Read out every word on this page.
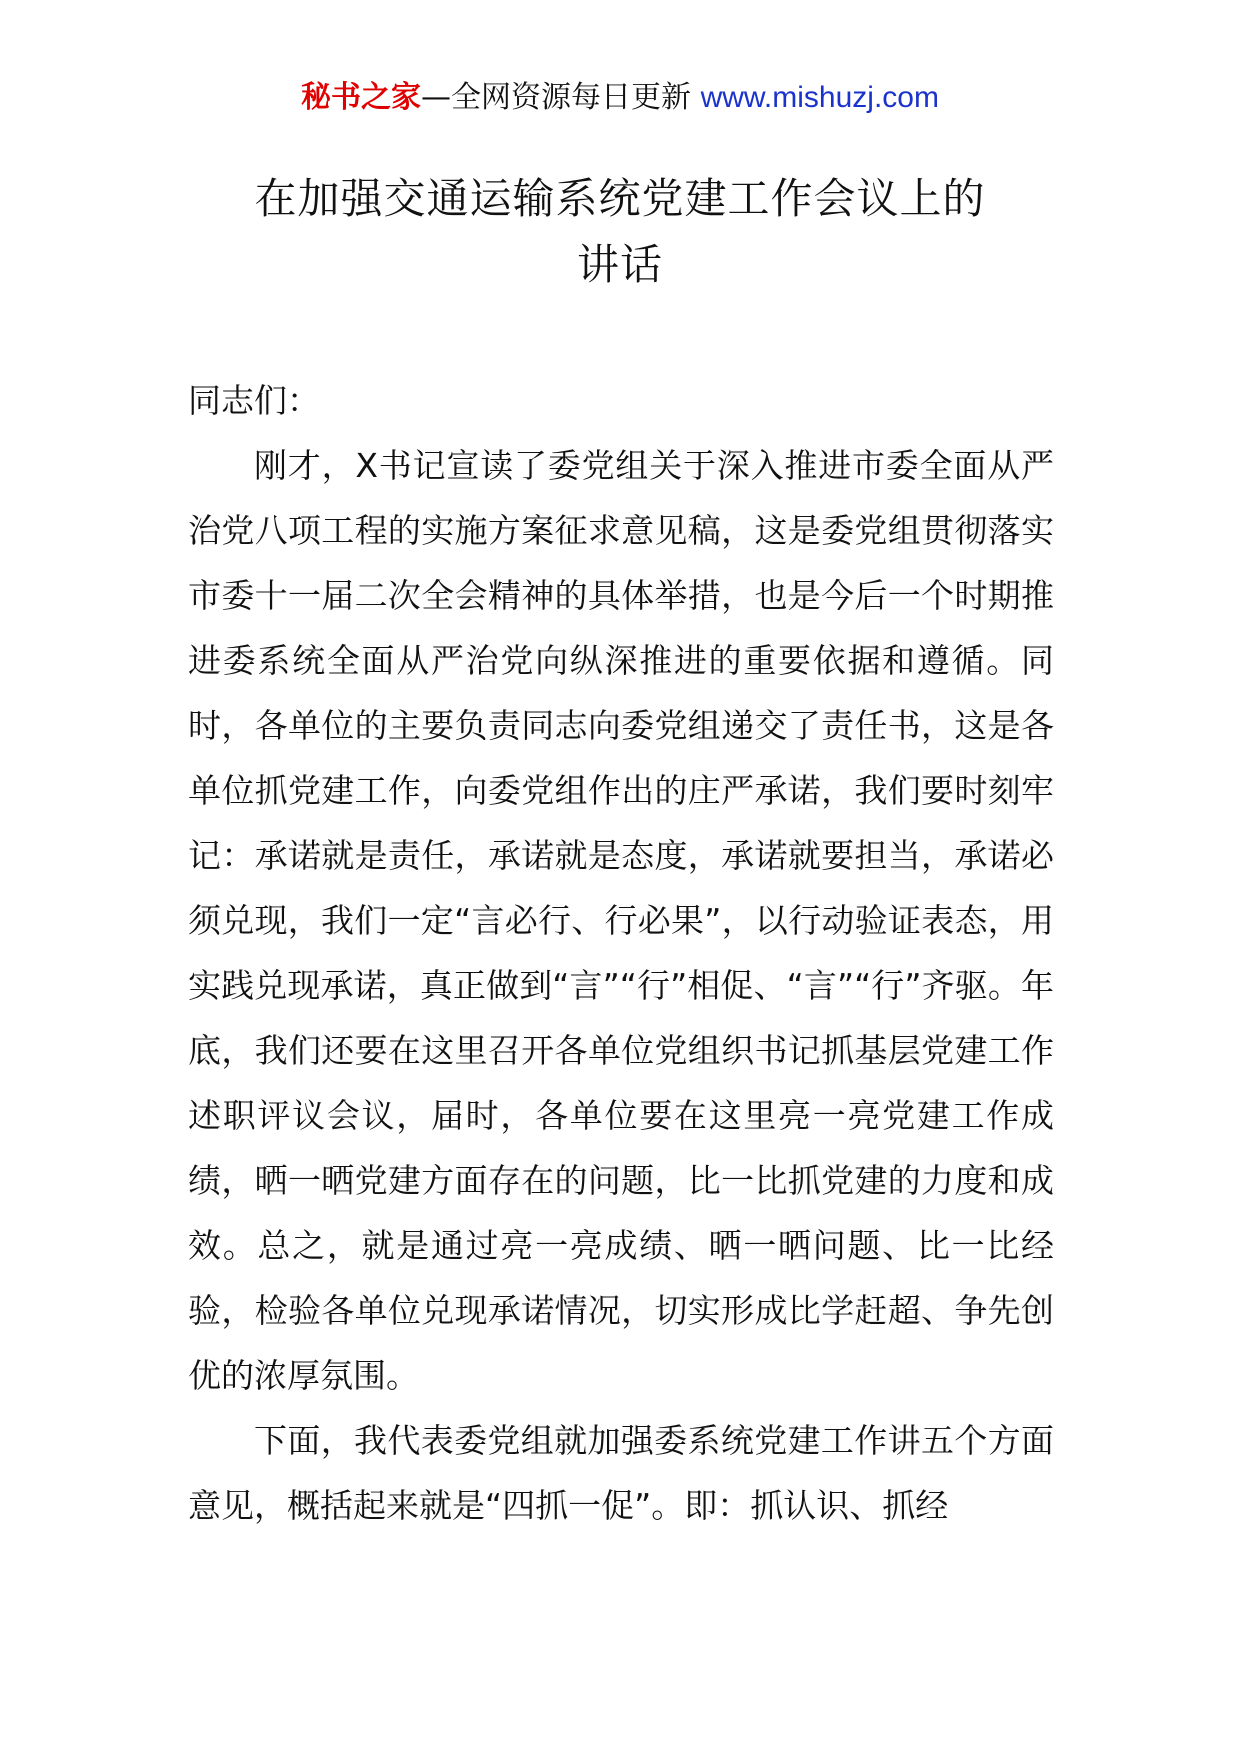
秘书之家—全网资源每日更新 www.mishuzj.com
在加强交通运输系统党建工作会议上的
讲话

同志们：

刚才，X书记宣读了委党组关于深入推进市委全面从严治党八项工程的实施方案征求意见稿，这是委党组贯彻落实市委十一届二次全会精神的具体举措，也是今后一个时期推进委系统全面从严治党向纵深推进的重要依据和遵循。同时，各单位的主要负责同志向委党组递交了责任书，这是各单位抓党建工作，向委党组作出的庄严承诺，我们要时刻牢记：承诺就是责任，承诺就是态度，承诺就要担当，承诺必须兑现，我们一定“言必行、行必果”，以行动验证表态，用实践兑现承诺，真正做到“言”“行”相促、“言”“行”齐驱。年底，我们还要在这里召开各单位党组织书记抓基层党建工作述职评议会议，届时，各单位要在这里亮一亮党建工作成绩，晒一晒党建方面存在的问题，比一比抓党建的力度和成效。总之，就是通过亮一亮成绩、晒一晒问题、比一比经验，检验各单位兑现承诺情况，切实形成比学赶超、争先创优的浓厚氛围。

下面，我代表委党组就加强委系统党建工作讲五个方面意见，概括起来就是“四抓一促”。即：抓认识、抓经
